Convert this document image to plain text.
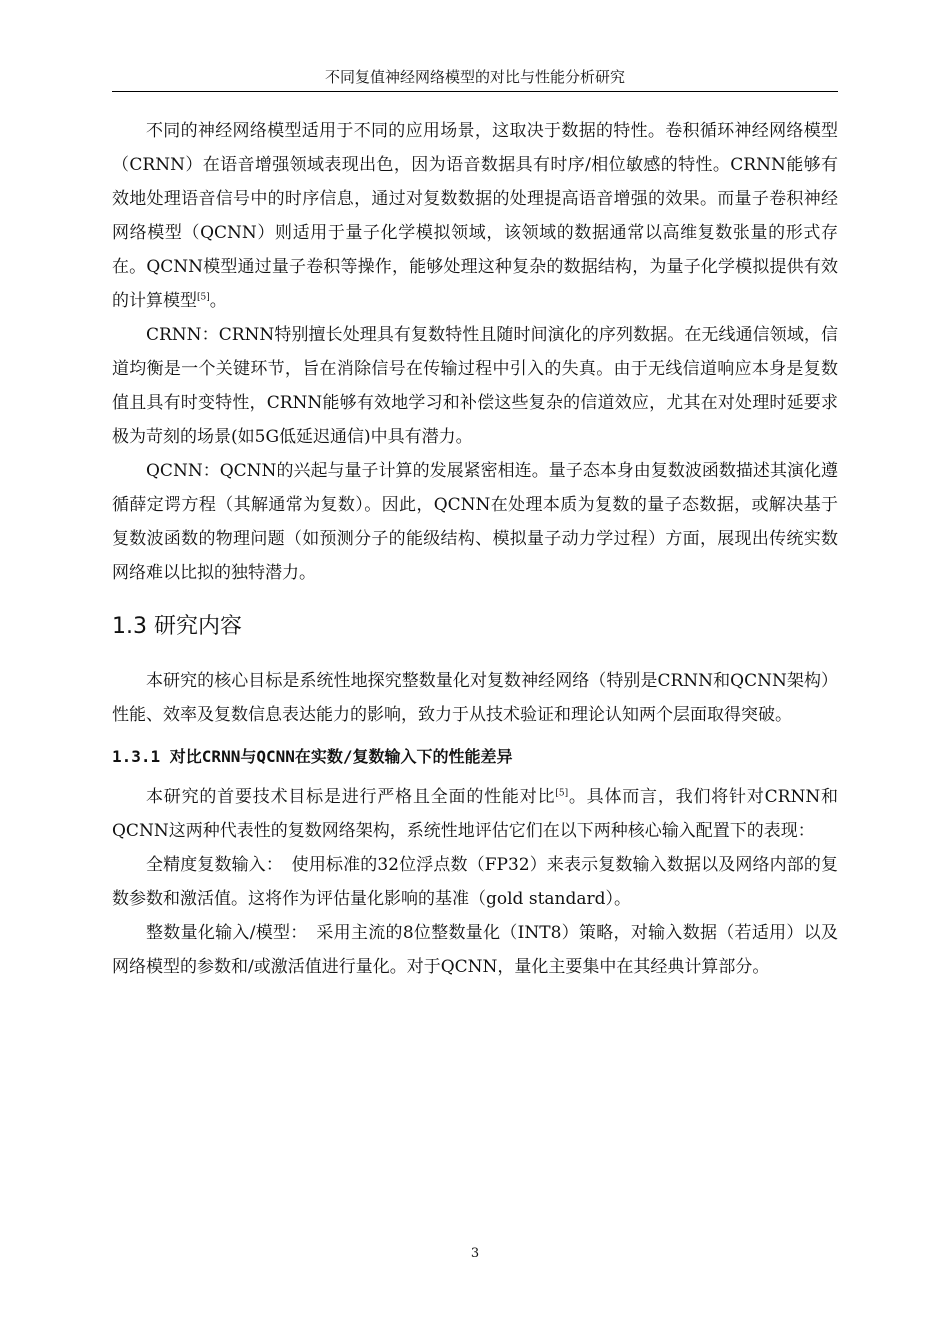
不同复值神经网络模型的对比与性能分析研究

不同的神经网络模型适用于不同的应用场景，这取决于数据的特性。卷积循环神经网络模型（CRNN）在语音增强领域表现出色，因为语音数据具有时序/相位敏感的特性。CRNN能够有效地处理语音信号中的时序信息，通过对复数数据的处理提高语音增强的效果。而量子卷积神经网络模型（QCNN）则适用于量子化学模拟领域，该领域的数据通常以高维复数张量的形式存在。QCNN模型通过量子卷积等操作，能够处理这种复杂的数据结构，为量子化学模拟提供有效的计算模型[5]。

CRNN：CRNN特别擅长处理具有复数特性且随时间演化的序列数据。在无线通信领域，信道均衡是一个关键环节，旨在消除信号在传输过程中引入的失真。由于无线信道响应本身是复数值且具有时变特性，CRNN能够有效地学习和补偿这些复杂的信道效应，尤其在对处理时延要求极为苛刻的场景(如5G低延迟通信)中具有潜力。

QCNN：QCNN的兴起与量子计算的发展紧密相连。量子态本身由复数波函数描述其演化遵循薛定谔方程（其解通常为复数）。因此，QCNN在处理本质为复数的量子态数据，或解决基于复数波函数的物理问题（如预测分子的能级结构、模拟量子动力学过程）方面，展现出传统实数网络难以比拟的独特潜力。

1.3 研究内容

本研究的核心目标是系统性地探究整数量化对复数神经网络（特别是CRNN和QCNN架构）性能、效率及复数信息表达能力的影响，致力于从技术验证和理论认知两个层面取得突破。

1.3.1 对比CRNN与QCNN在实数/复数输入下的性能差异

本研究的首要技术目标是进行严格且全面的性能对比[5]。具体而言，我们将针对CRNN和QCNN这两种代表性的复数网络架构，系统性地评估它们在以下两种核心输入配置下的表现：

全精度复数输入：　使用标准的32位浮点数（FP32）来表示复数输入数据以及网络内部的复数参数和激活值。这将作为评估量化影响的基准（gold standard）。

整数量化输入/模型：　采用主流的8位整数量化（INT8）策略，对输入数据（若适用）以及网络模型的参数和/或激活值进行量化。对于QCNN，量化主要集中在其经典计算部分。

3
